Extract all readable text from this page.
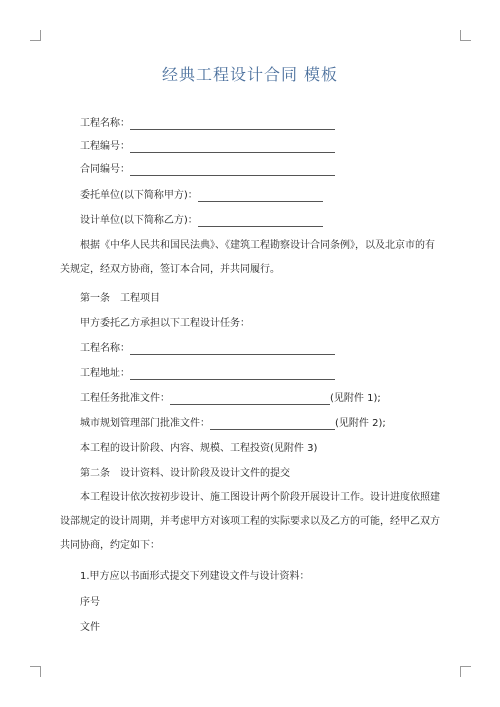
经典工程设计合同 模板
工程名称：
工程编号：
合同编号：
委托单位(以下简称甲方)：
设计单位(以下简称乙方)：
根据《中华人民共和国民法典》、《建筑工程勘察设计合同条例》，以及北京市的有关规定，经双方协商，签订本合同，并共同履行。
第一条　工程项目
甲方委托乙方承担以下工程设计任务：
工程名称：
工程地址：
工程任务批准文件：	(见附件 1);
城市规划管理部门批准文件：	(见附件 2);
本工程的设计阶段、内容、规模、工程投资(见附件 3)
第二条　设计资料、设计阶段及设计文件的提交
本工程设计依次按初步设计、施工图设计两个阶段开展设计工作。设计进度依照建设部规定的设计周期，并考虑甲方对该项工程的实际要求以及乙方的可能，经甲乙双方共同协商，约定如下：
1.甲方应以书面形式提交下列建设文件与设计资料：
序号
文件
